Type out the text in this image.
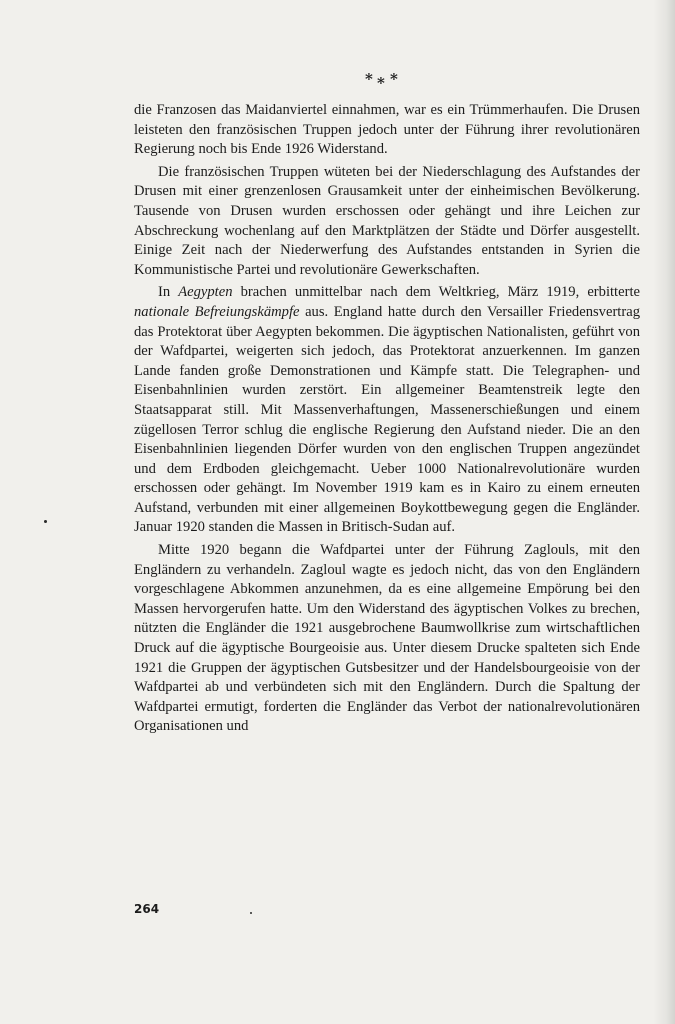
* * *

die Franzosen das Maidanviertel einnahmen, war es ein Trümmerhaufen. Die Drusen leisteten den französischen Truppen jedoch unter der Führung ihrer revolutionären Regierung noch bis Ende 1926 Widerstand.

Die französischen Truppen wüteten bei der Niederschlagung des Aufstandes der Drusen mit einer grenzenlosen Grausamkeit unter der einheimischen Bevölkerung. Tausende von Drusen wurden erschossen oder gehängt und ihre Leichen zur Abschreckung wochenlang auf den Marktplätzen der Städte und Dörfer ausgestellt. Einige Zeit nach der Niederwerfung des Aufstandes entstanden in Syrien die Kommunistische Partei und revolutionäre Gewerkschaften.

In Aegypten brachen unmittelbar nach dem Weltkrieg, März 1919, erbitterte nationale Befreiungskämpfe aus. England hatte durch den Versailler Friedensvertrag das Protektorat über Aegypten bekommen. Die ägyptischen Nationalisten, geführt von der Wafdpartei, weigerten sich jedoch, das Protektorat anzuerkennen. Im ganzen Lande fanden große Demonstrationen und Kämpfe statt. Die Telegraphen- und Eisenbahnlinien wurden zerstört. Ein allgemeiner Beamtenstreik legte den Staatsapparat still. Mit Massenverhaftungen, Massenerschießungen und einem zügellosen Terror schlug die englische Regierung den Aufstand nieder. Die an den Eisenbahnlinien liegenden Dörfer wurden von den englischen Truppen angezündet und dem Erdboden gleichgemacht. Ueber 1000 Nationalrevolutionäre wurden erschossen oder gehängt. Im November 1919 kam es in Kairo zu einem erneuten Aufstand, verbunden mit einer allgemeinen Boykottbewegung gegen die Engländer. Januar 1920 standen die Massen in Britisch-Sudan auf.

Mitte 1920 begann die Wafdpartei unter der Führung Zaglouls, mit den Engländern zu verhandeln. Zagloul wagte es jedoch nicht, das von den Engländern vorgeschlagene Abkommen anzunehmen, da es eine allgemeine Empörung bei den Massen hervorgerufen hatte. Um den Widerstand des ägyptischen Volkes zu brechen, nützten die Engländer die 1921 ausgebrochene Baumwollkrise zum wirtschaftlichen Druck auf die ägyptische Bourgeoisie aus. Unter diesem Drucke spalteten sich Ende 1921 die Gruppen der ägyptischen Gutsbesitzer und der Handelsbourgeoisie von der Wafdpartei ab und verbündeten sich mit den Engländern. Durch die Spaltung der Wafdpartei ermutigt, forderten die Engländer das Verbot der nationalrevolutionären Organisationen und

264
